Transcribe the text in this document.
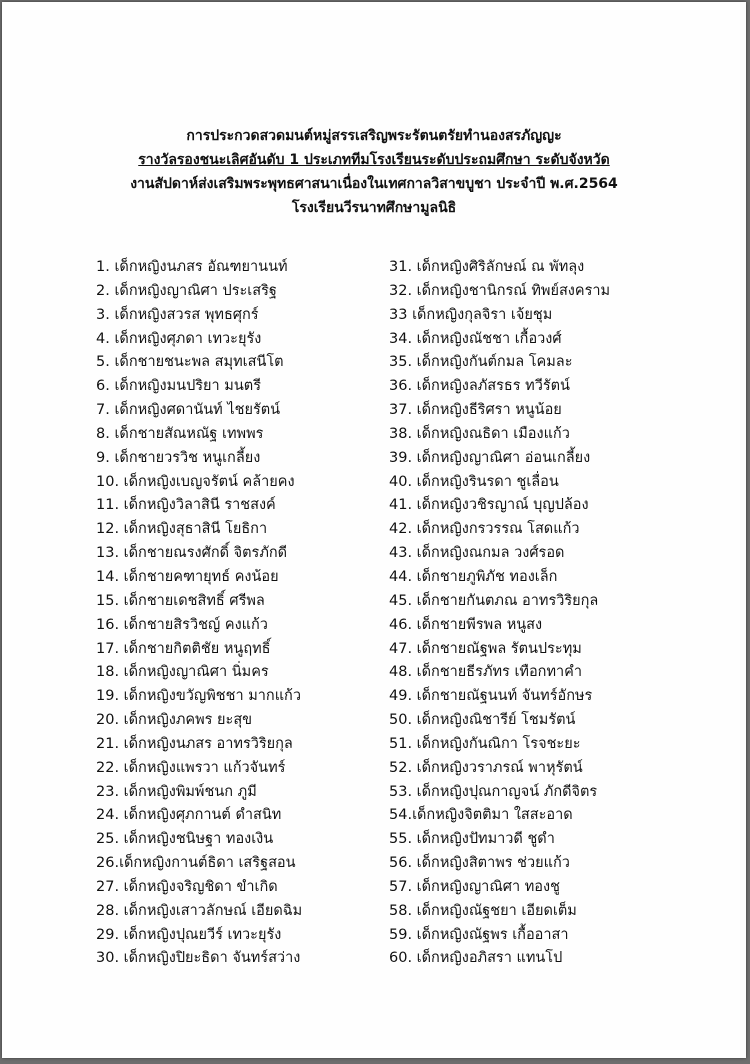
การประกวดสวดมนต์หมู่สรรเสริญพระรัตนตรัยทำนองสรภัญญะ
รางวัลรองชนะเลิศอันดับ 1 ประเภททีมโรงเรียนระดับประถมศึกษา ระดับจังหวัด
งานสัปดาห์ส่งเสริมพระพุทธศาสนาเนื่องในเทศกาลวิสาขบูชา ประจำปี พ.ศ.2564
โรงเรียนวีรนาทศึกษามูลนิธิ
1. เด็กหญิงนภสร อัณฑยานนท์
2. เด็กหญิงญาณิศา ประเสริฐ
3. เด็กหญิงสวรส พุทธศุกร์
4. เด็กหญิงศุภดา เทวะยุรัง
5. เด็กชายชนะพล สมุทเสนีโต
6. เด็กหญิงมนปริยา มนตรี
7. เด็กหญิงศดานันท์ ไชยรัตน์
8. เด็กชายสัณหณัฐ เทพพร
9. เด็กชายวรวิช หนูเกลี้ยง
10. เด็กหญิงเบญจรัตน์ คล้ายคง
11. เด็กหญิงวิลาสินี ราชสงค์
12. เด็กหญิงสุธาสินี โยธิกา
13. เด็กชายณรงศักดิ์ จิตรภักดี
14. เด็กชายคฑายุทธ์ คงน้อย
15. เด็กชายเดชสิทธิ์ ศรีพล
16. เด็กชายสิรวิชญ์ คงแก้ว
17. เด็กชายกิตติชัย หนูฤทธิ์
18. เด็กหญิงญาณิศา นิ่มคร
19. เด็กหญิงขวัญพิชชา มากแก้ว
20. เด็กหญิงภคพร ยะสุข
21. เด็กหญิงนภสร อาทรวิริยกุล
22. เด็กหญิงแพรวา แก้วจันทร์
23. เด็กหญิงพิมพ์ชนก ภูมี
24. เด็กหญิงศุภกานต์ ดำสนิท
25. เด็กหญิงชนิษฐา ทองเงิน
26.เด็กหญิงกานต์ธิดา เสริฐสอน
27. เด็กหญิงจริญชิดา ขำเกิด
28. เด็กหญิงเสาวลักษณ์ เอียดฉิม
29. เด็กหญิงปุณยวีร์ เทวะยุรัง
30. เด็กหญิงปิยะธิดา จันทร์สว่าง
31. เด็กหญิงศิริลักษณ์ ณ พัทลุง
32. เด็กหญิงชานิกรณ์ ทิพย์สงคราม
33 เด็กหญิงกุลจิรา เจ้ยชุม
34. เด็กหญิงณัชชา เกื้อวงศ์
35. เด็กหญิงกันต์กมล โคมละ
36. เด็กหญิงลภัสรธร ทวีรัตน์
37. เด็กหญิงธีริศรา หนูน้อย
38. เด็กหญิงณธิดา เมืองแก้ว
39. เด็กหญิงญาณิศา อ่อนเกลี้ยง
40. เด็กหญิงรินรดา ชูเลื่อน
41. เด็กหญิงวชิรญาณ์ บุญปล้อง
42. เด็กหญิงกรวรรณ โสดแก้ว
43. เด็กหญิงณกมล วงศ์รอด
44. เด็กชายภูพิภัช ทองเล็ก
45. เด็กชายกันตภณ อาทรวิริยกุล
46. เด็กชายพีรพล หนูสง
47. เด็กชายณัฐพล รัตนประทุม
48. เด็กชายธีรภัทร เทือกทาคำ
49. เด็กชายณัฐนนท์ จันทร์อักษร
50. เด็กหญิงณิชารีย์ โชมรัตน์
51. เด็กหญิงกันณิกา โรจชะยะ
52. เด็กหญิงวราภรณ์ พาหุรัตน์
53. เด็กหญิงปุณกาญจน์ ภักดีจิตร
54.เด็กหญิงจิตติมา ใสสะอาด
55. เด็กหญิงปัทมาวดี ชูดำ
56. เด็กหญิงสิตาพร ช่วยแก้ว
57. เด็กหญิงญาณิศา ทองชู
58. เด็กหญิงณัฐชยา เอียดเต็ม
59. เด็กหญิงณัฐพร เกื้ออาสา
60. เด็กหญิงอภิสรา แทนโป
